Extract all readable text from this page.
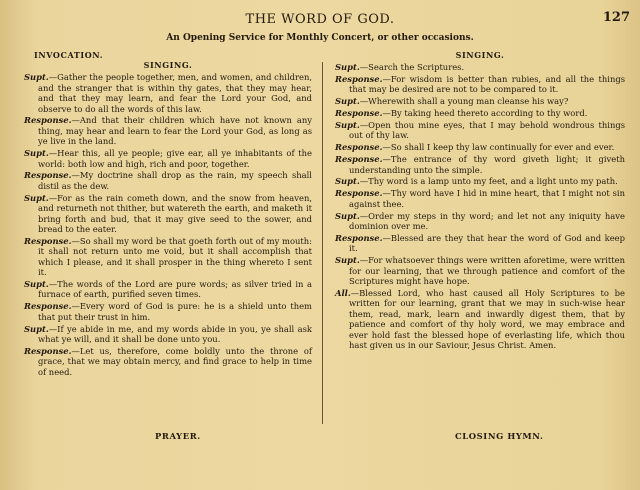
THE WORD OF GOD.	127
An Opening Service for Monthly Concert, or other occasions.
INVOCATION.
SINGING.
Supt.—Gather the people together, men, and women, and children, and the stranger that is within thy gates, that they may hear, and that they may learn, and fear the Lord your God, and observe to do all the words of this law.
Response.—And that their children which have not known any thing, may hear and learn to fear the Lord your God, as long as ye live in the land.
Supt.—Hear this, all ye people; give ear, all ye inhabitants of the world: both low and high, rich and poor, together.
Response.—My doctrine shall drop as the rain, my speech shall distil as the dew.
Supt.—For as the rain cometh down, and the snow from heaven, and returneth not thither, but watereth the earth, and maketh it bring forth and bud, that it may give seed to the sower, and bread to the eater.
Response.—So shall my word be that goeth forth out of my mouth: it shall not return unto me void, but it shall accomplish that which I please, and it shall prosper in the thing whereto I sent it.
Supt.—The words of the Lord are pure words; as silver tried in a furnace of earth, purified seven times.
Response.—Every word of God is pure: he is a shield unto them that put their trust in him.
Supt.—If ye abide in me, and my words abide in you, ye shall ask what ye will, and it shall be done unto you.
Response.—Let us, therefore, come boldly unto the throne of grace, that we may obtain mercy, and find grace to help in time of need.
SINGING.
Supt.—Search the Scriptures.
Response.—For wisdom is better than rubies, and all the things that may be desired are not to be compared to it.
Supt.—Wherewith shall a young man cleanse his way?
Response.—By taking heed thereto according to thy word.
Supt.—Open thou mine eyes, that I may behold wondrous things out of thy law.
Response.—So shall I keep thy law continually for ever and ever.
Response.—The entrance of thy word giveth light; it giveth understanding unto the simple.
Supt.—Thy word is a lamp unto my feet, and a light unto my path.
Response.—Thy word have I hid in mine heart, that I might not sin against thee.
Supt.—Order my steps in thy word; and let not any iniquity have dominion over me.
Response.—Blessed are they that hear the word of God and keep it.
Supt.—For whatsoever things were written aforetime, were written for our learning, that we through patience and comfort of the Scriptures might have hope.
All.—Blessed Lord, who hast caused all Holy Scriptures to be written for our learning, grant that we may in such-wise hear them, read, mark, learn and inwardly digest them, that by patience and comfort of thy holy word, we may embrace and ever hold fast the blessed hope of everlasting life, which thou hast given us in our Saviour, Jesus Christ. Amen.
PRAYER.	CLOSING HYMN.
